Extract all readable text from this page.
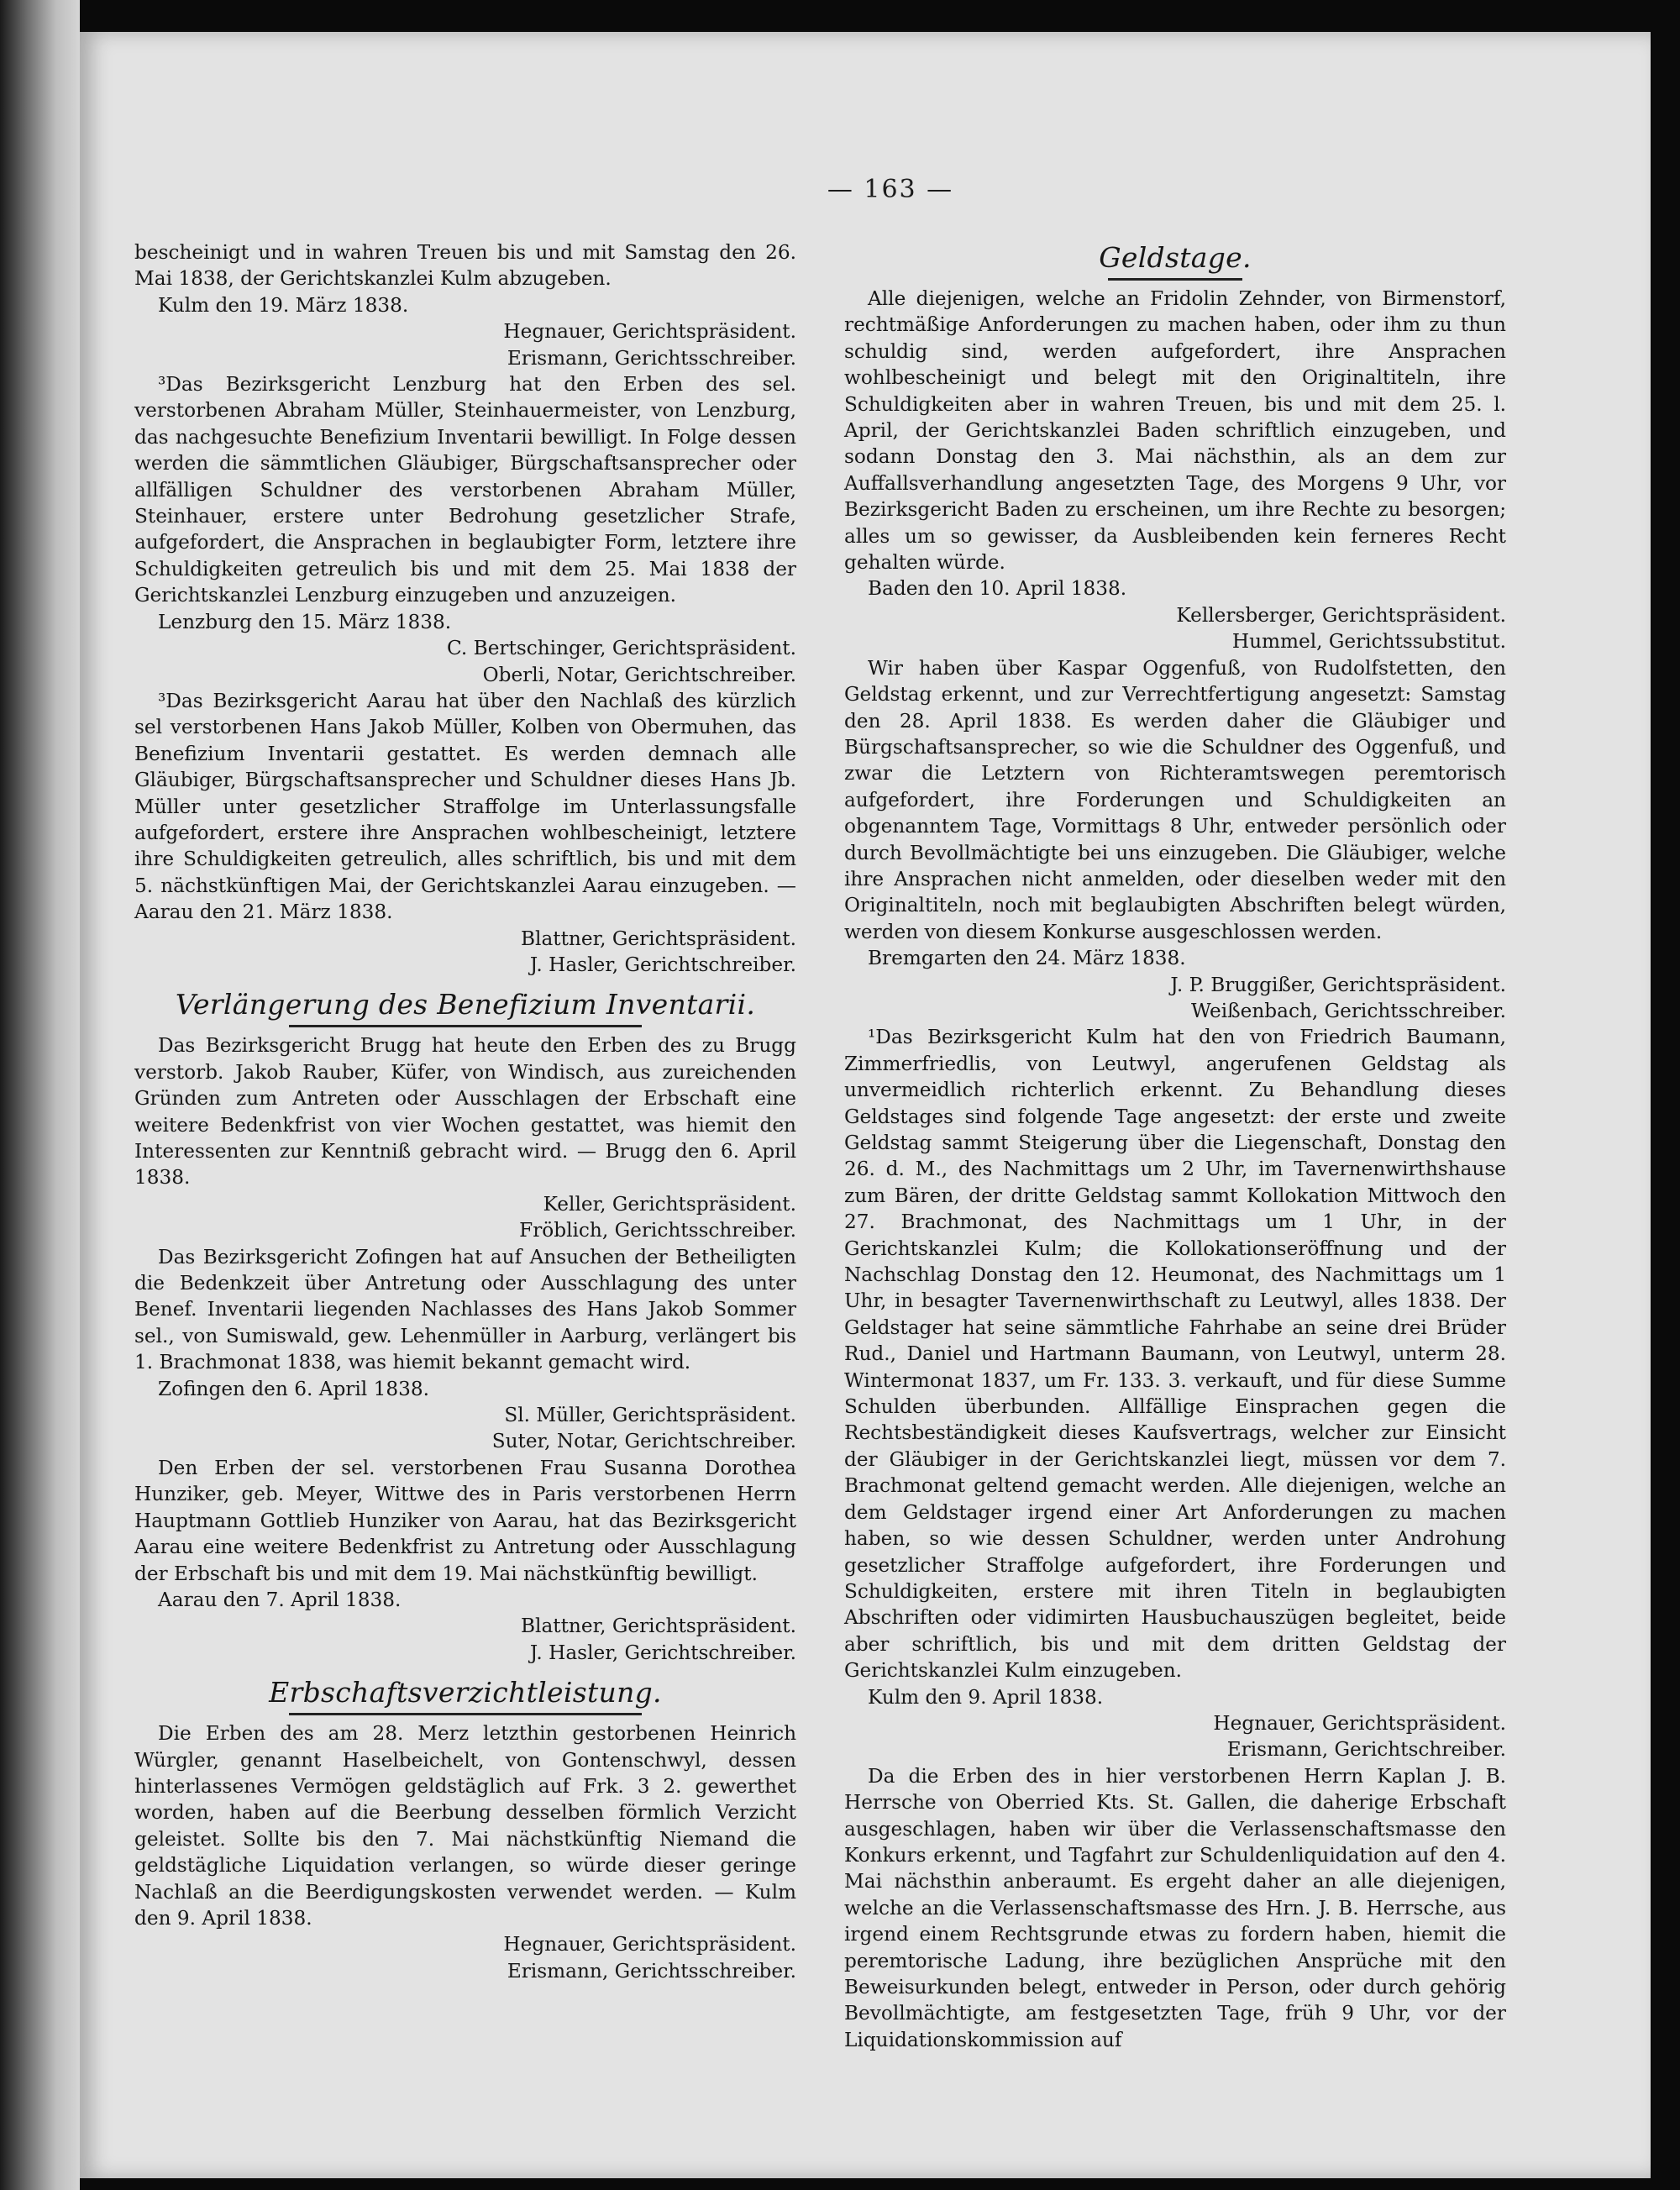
— 163 —

bescheinigt und in wahren Treuen bis und mit Samstag den 26. Mai 1838, der Gerichtskanzlei Kulm abzugeben.

Kulm den 19. März 1838.

Hegnauer, Gerichtspräsident.

Erismann, Gerichtsschreiber.

³Das Bezirksgericht Lenzburg hat den Erben des sel. verstorbenen Abraham Müller, Steinhauermeister, von Lenzburg, das nachgesuchte Benefizium Inventarii bewilligt. In Folge dessen werden die sämmtlichen Gläubiger, Bürgschaftsansprecher oder allfälligen Schuldner des verstorbenen Abraham Müller, Steinhauer, erstere unter Bedrohung gesetzlicher Strafe, aufgefordert, die Ansprachen in beglaubigter Form, letztere ihre Schuldigkeiten getreulich bis und mit dem 25. Mai 1838 der Gerichtskanzlei Lenzburg einzugeben und anzuzeigen.

Lenzburg den 15. März 1838.

C. Bertschinger, Gerichtspräsident.

Oberli, Notar, Gerichtschreiber.

³Das Bezirksgericht Aarau hat über den Nachlaß des kürzlich sel verstorbenen Hans Jakob Müller, Kolben von Obermuhen, das Benefizium Inventarii gestattet. Es werden demnach alle Gläubiger, Bürgschaftsansprecher und Schuldner dieses Hans Jb. Müller unter gesetzlicher Straffolge im Unterlassungsfalle aufgefordert, erstere ihre Ansprachen wohlbescheinigt, letztere ihre Schuldigkeiten getreulich, alles schriftlich, bis und mit dem 5. nächstkünftigen Mai, der Gerichtskanzlei Aarau einzugeben. — Aarau den 21. März 1838.

Blattner, Gerichtspräsident.

J. Hasler, Gerichtschreiber.

Verlängerung des Benefizium Inventarii.

Das Bezirksgericht Brugg hat heute den Erben des zu Brugg verstorb. Jakob Rauber, Küfer, von Windisch, aus zureichenden Gründen zum Antreten oder Ausschlagen der Erbschaft eine weitere Bedenkfrist von vier Wochen gestattet, was hiemit den Interessenten zur Kenntniß gebracht wird. — Brugg den 6. April 1838.

Keller, Gerichtspräsident.

Fröblich, Gerichtsschreiber.

Das Bezirksgericht Zofingen hat auf Ansuchen der Betheiligten die Bedenkzeit über Antretung oder Ausschlagung des unter Benef. Inventarii liegenden Nachlasses des Hans Jakob Sommer sel., von Sumiswald, gew. Lehenmüller in Aarburg, verlängert bis 1. Brachmonat 1838, was hiemit bekannt gemacht wird.

Zofingen den 6. April 1838.

Sl. Müller, Gerichtspräsident.

Suter, Notar, Gerichtschreiber.

Den Erben der sel. verstorbenen Frau Susanna Dorothea Hunziker, geb. Meyer, Wittwe des in Paris verstorbenen Herrn Hauptmann Gottlieb Hunziker von Aarau, hat das Bezirksgericht Aarau eine weitere Bedenkfrist zu Antretung oder Ausschlagung der Erbschaft bis und mit dem 19. Mai nächstkünftig bewilligt.

Aarau den 7. April 1838.

Blattner, Gerichtspräsident.

J. Hasler, Gerichtschreiber.

Erbschaftsverzichtleistung.

Die Erben des am 28. Merz letzthin gestorbenen Heinrich Würgler, genannt Haselbeichelt, von Gontenschwyl, dessen hinterlassenes Vermögen geldstäglich auf Frk. 3 2. gewerthet worden, haben auf die Beerbung desselben förmlich Verzicht geleistet. Sollte bis den 7. Mai nächstkünftig Niemand die geldstägliche Liquidation verlangen, so würde dieser geringe Nachlaß an die Beerdigungskosten verwendet werden. — Kulm den 9. April 1838.

Hegnauer, Gerichtspräsident.

Erismann, Gerichtsschreiber.

Geldstage.

Alle diejenigen, welche an Fridolin Zehnder, von Birmenstorf, rechtmäßige Anforderungen zu machen haben, oder ihm zu thun schuldig sind, werden aufgefordert, ihre Ansprachen wohlbescheinigt und belegt mit den Originaltiteln, ihre Schuldigkeiten aber in wahren Treuen, bis und mit dem 25. l. April, der Gerichtskanzlei Baden schriftlich einzugeben, und sodann Donstag den 3. Mai nächsthin, als an dem zur Auffallsverhandlung angesetzten Tage, des Morgens 9 Uhr, vor Bezirksgericht Baden zu erscheinen, um ihre Rechte zu besorgen; alles um so gewisser, da Ausbleibenden kein ferneres Recht gehalten würde.

Baden den 10. April 1838.

Kellersberger, Gerichtspräsident.

Hummel, Gerichtssubstitut.

Wir haben über Kaspar Oggenfuß, von Rudolfstetten, den Geldstag erkennt, und zur Verrechtfertigung angesetzt: Samstag den 28. April 1838. Es werden daher die Gläubiger und Bürgschaftsansprecher, so wie die Schuldner des Oggenfuß, und zwar die Letztern von Richteramtswegen peremtorisch aufgefordert, ihre Forderungen und Schuldigkeiten an obgenanntem Tage, Vormittags 8 Uhr, entweder persönlich oder durch Bevollmächtigte bei uns einzugeben. Die Gläubiger, welche ihre Ansprachen nicht anmelden, oder dieselben weder mit den Originaltiteln, noch mit beglaubigten Abschriften belegt würden, werden von diesem Konkurse ausgeschlossen werden.

Bremgarten den 24. März 1838.

J. P. Bruggißer, Gerichtspräsident.

Weißenbach, Gerichtsschreiber.

¹Das Bezirksgericht Kulm hat den von Friedrich Baumann, Zimmerfriedlis, von Leutwyl, angerufenen Geldstag als unvermeidlich richterlich erkennt. Zu Behandlung dieses Geldstages sind folgende Tage angesetzt: der erste und zweite Geldstag sammt Steigerung über die Liegenschaft, Donstag den 26. d. M., des Nachmittags um 2 Uhr, im Tavernenwirthshause zum Bären, der dritte Geldstag sammt Kollokation Mittwoch den 27. Brachmonat, des Nachmittags um 1 Uhr, in der Gerichtskanzlei Kulm; die Kollokationseröffnung und der Nachschlag Donstag den 12. Heumonat, des Nachmittags um 1 Uhr, in besagter Tavernenwirthschaft zu Leutwyl, alles 1838. Der Geldstager hat seine sämmtliche Fahrhabe an seine drei Brüder Rud., Daniel und Hartmann Baumann, von Leutwyl, unterm 28. Wintermonat 1837, um Fr. 133. 3. verkauft, und für diese Summe Schulden überbunden. Allfällige Einsprachen gegen die Rechtsbeständigkeit dieses Kaufsvertrags, welcher zur Einsicht der Gläubiger in der Gerichtskanzlei liegt, müssen vor dem 7. Brachmonat geltend gemacht werden. Alle diejenigen, welche an dem Geldstager irgend einer Art Anforderungen zu machen haben, so wie dessen Schuldner, werden unter Androhung gesetzlicher Straffolge aufgefordert, ihre Forderungen und Schuldigkeiten, erstere mit ihren Titeln in beglaubigten Abschriften oder vidimirten Hausbuchauszügen begleitet, beide aber schriftlich, bis und mit dem dritten Geldstag der Gerichtskanzlei Kulm einzugeben.

Kulm den 9. April 1838.

Hegnauer, Gerichtspräsident.

Erismann, Gerichtschreiber.

Da die Erben des in hier verstorbenen Herrn Kaplan J. B. Herrsche von Oberried Kts. St. Gallen, die daherige Erbschaft ausgeschlagen, haben wir über die Verlassenschaftsmasse den Konkurs erkennt, und Tagfahrt zur Schuldenliquidation auf den 4. Mai nächsthin anberaumt. Es ergeht daher an alle diejenigen, welche an die Verlassenschaftsmasse des Hrn. J. B. Herrsche, aus irgend einem Rechtsgrunde etwas zu fordern haben, hiemit die peremtorische Ladung, ihre bezüglichen Ansprüche mit den Beweisurkunden belegt, entweder in Person, oder durch gehörig Bevollmächtigte, am festgesetzten Tage, früh 9 Uhr, vor der Liquidationskommission auf
